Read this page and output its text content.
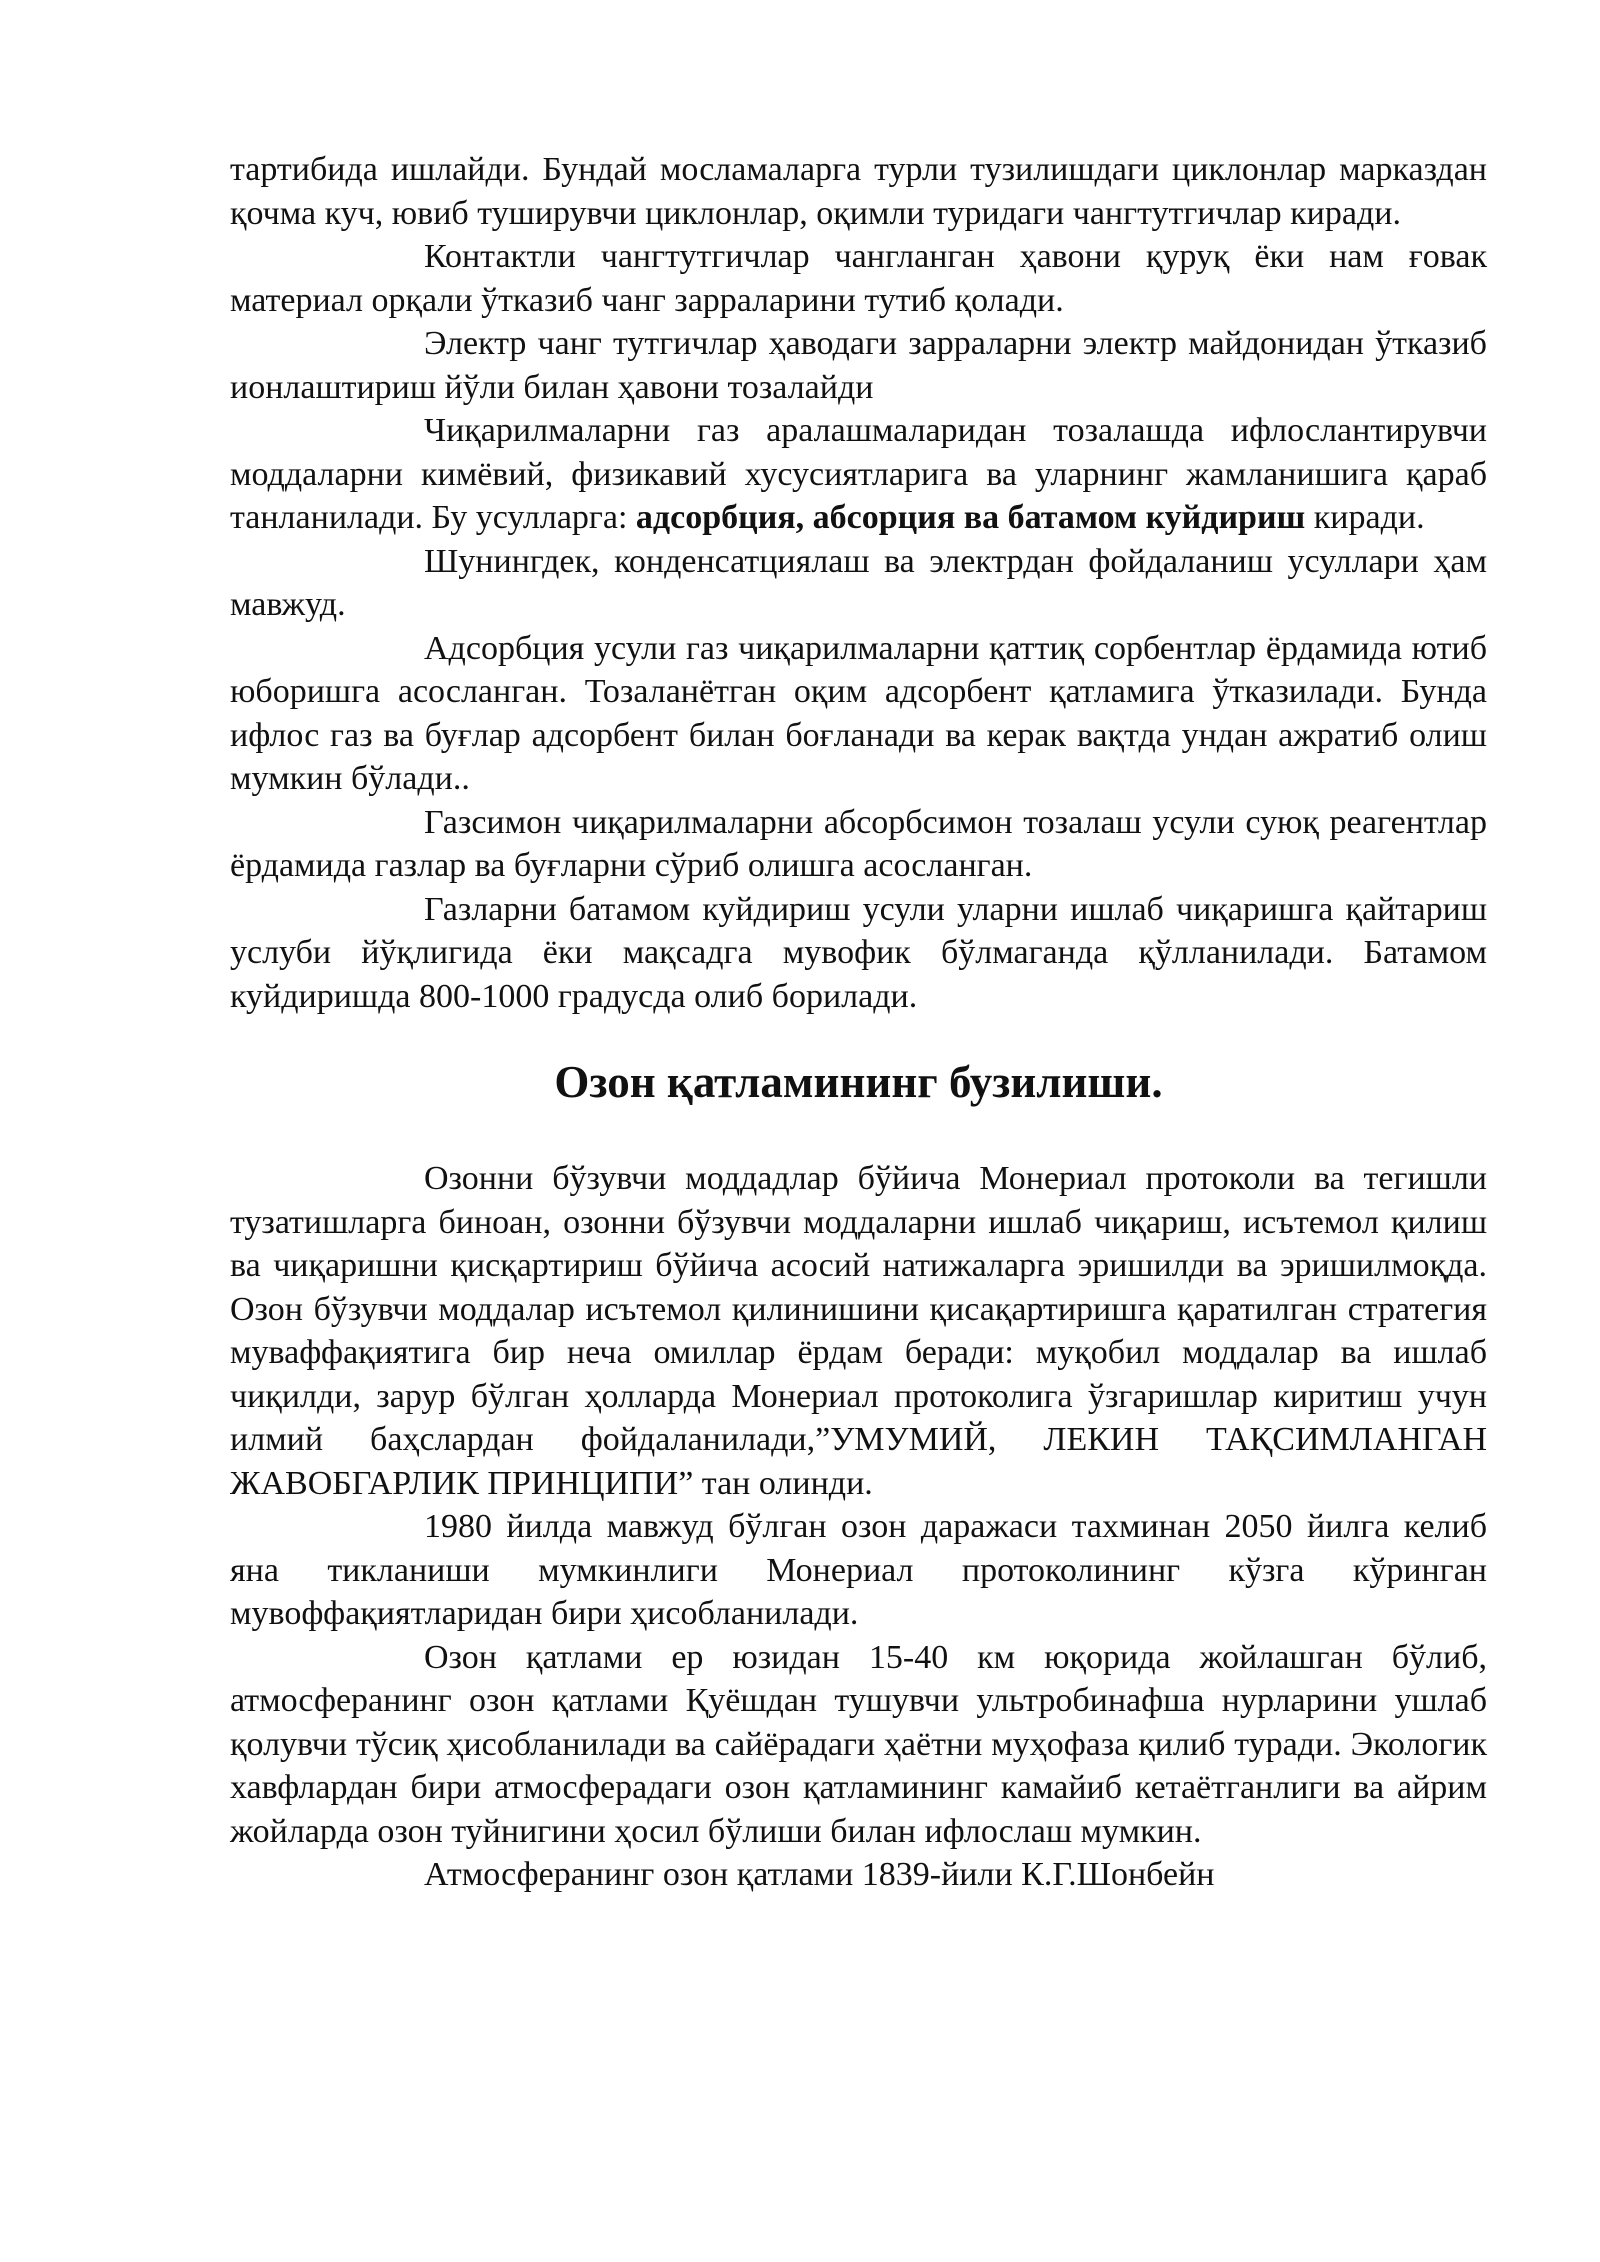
тартибида ишлайди. Бундай мосламаларга турли тузилишдаги циклонлар марказдан қочма куч, ювиб туширувчи циклонлар, оқимли туридаги чангтутгичлар киради.

Контактли чангтутгичлар чангланган ҳавони қуруқ ёки нам ғовак материал орқали ўтказиб чанг зарраларини тутиб қолади.

Электр чанг тутгичлар ҳаводаги зарраларни электр майдонидан ўтказиб ионлаштириш йўли билан ҳавони тозалайди

Чиқарилмаларни газ аралашмаларидан тозалашда ифлослантирувчи моддаларни кимёвий, физикавий хусусиятларига ва уларнинг жамланишига қараб танланилади. Бу усулларга: адсорбция, абсорция ва батамом куйдириш киради.

Шунингдек, конденсатциялаш ва электрдан фойдаланиш усуллари ҳам мавжуд.

Адсорбция усули газ чиқарилмаларни қаттиқ сорбентлар ёрдамида ютиб юборишга асосланган. Тозаланётган оқим адсорбент қатламига ўтказилади. Бунда ифлос газ ва буғлар адсорбент билан боғланади ва керак вақтда ундан ажратиб олиш мумкин бўлади..

Газсимон чиқарилмаларни абсорбсимон тозалаш усули суюқ реагентлар ёрдамида газлар ва буғларни сўриб олишга асосланган.

Газларни батамом куйдириш усули уларни ишлаб чиқаришга қайтариш услуби йўқлигида ёки мақсадга мувофик бўлмаганда қўлланилади. Батамом куйдиришда 800-1000 градусда олиб борилади.

Озон қатламининг бузилиши.

Озонни бўзувчи моддадлар бўйича Монериал протоколи ва тегишли тузатишларга биноан, озонни бўзувчи моддаларни ишлаб чиқариш, исътемол қилиш ва чиқаришни қисқартириш бўйича асосий натижаларга эришилди ва эришилмоқда. Озон бўзувчи моддалар исътемол қилинишини қисақартиришга қаратилган стратегия муваффақиятига бир неча омиллар ёрдам беради: муқобил моддалар ва ишлаб чиқилди, зарур бўлган ҳолларда Монериал протоколига ўзгаришлар киритиш учун илмий баҳслардан фойдаланилади,”УМУМИЙ, ЛЕКИН ТАҚСИМЛАНГАН ЖАВОБГАРЛИК ПРИНЦИПИ” тан олинди.

1980 йилда мавжуд бўлган озон даражаси тахминан 2050 йилга келиб яна тикланиши мумкинлиги Монериал протоколининг кўзга кўринган мувоффақиятларидан бири ҳисобланилади.

Озон қатлами ер юзидан 15-40 км юқорида жойлашган бўлиб, атмосферанинг озон қатлами Қуёшдан тушувчи ультробинафша нурларини ушлаб қолувчи тўсиқ ҳисобланилади ва сайёрадаги ҳаётни муҳофаза қилиб туради. Экологик хавфлардан бири атмосферадаги озон қатламининг камайиб кетаётганлиги ва айрим жойларда озон туйнигини ҳосил бўлиши билан ифлослаш мумкин.

Атмосферанинг озон қатлами 1839-йили К.Г.Шонбейн
